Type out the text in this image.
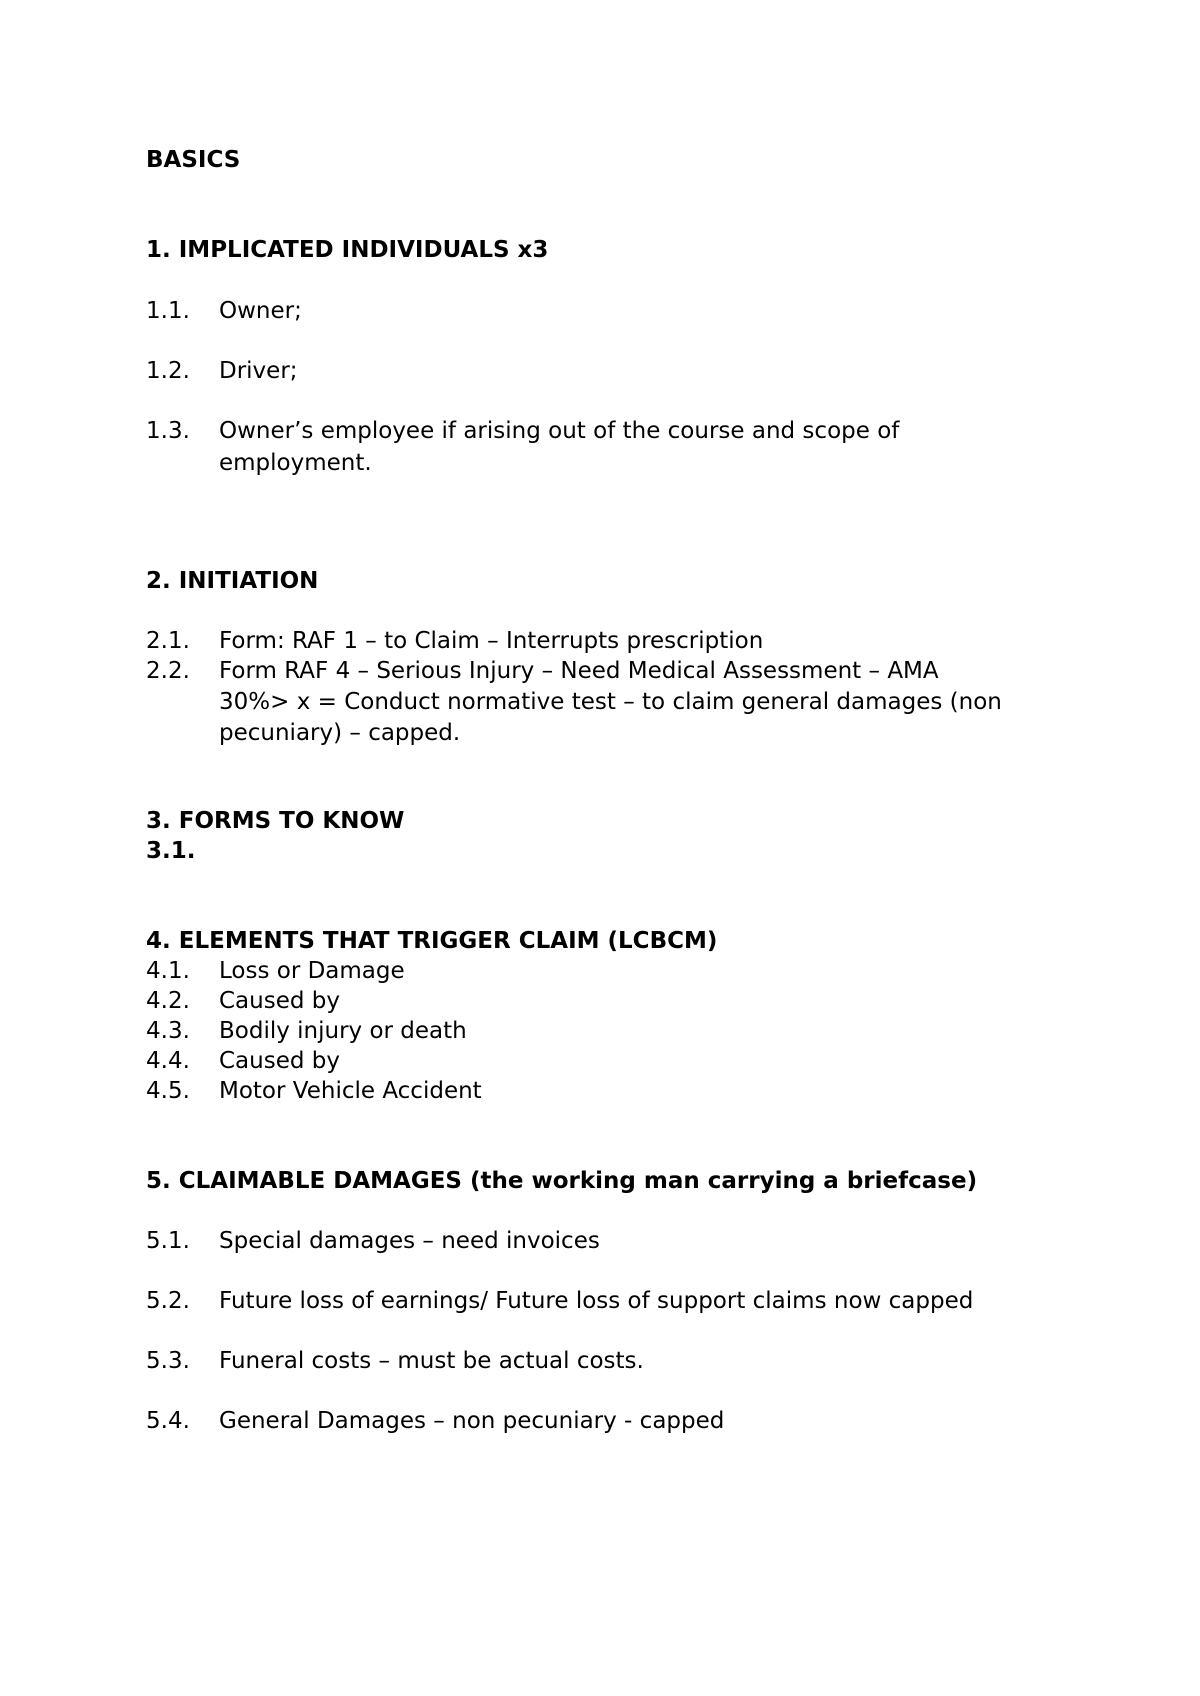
BASICS
1. IMPLICATED INDIVIDUALS x3
1.1. Owner;
1.2. Driver;
1.3. Owner’s employee if arising out of the course and scope of
employment.
2. INITIATION
2.1. Form: RAF 1 – to Claim – Interrupts prescription
2.2. Form RAF 4 – Serious Injury – Need Medical Assessment – AMA
30%> x = Conduct normative test – to claim general damages (non
pecuniary) – capped.
3. FORMS TO KNOW
3.1.
4. ELEMENTS THAT TRIGGER CLAIM (LCBCM)
4.1. Loss or Damage
4.2. Caused by
4.3. Bodily injury or death
4.4. Caused by
4.5. Motor Vehicle Accident
5. CLAIMABLE DAMAGES (the working man carrying a briefcase)
5.1. Special damages – need invoices
5.2. Future loss of earnings/ Future loss of support claims now capped
5.3. Funeral costs – must be actual costs.
5.4. General Damages – non pecuniary - capped
